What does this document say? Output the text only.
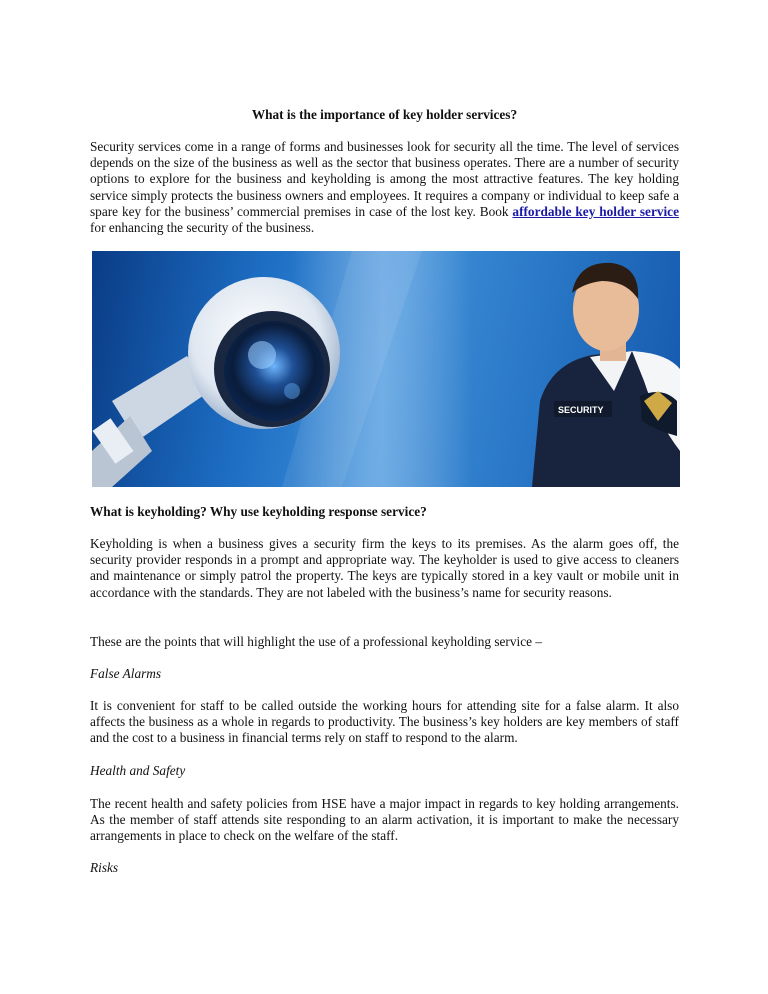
What is the importance of key holder services?

Security services come in a range of forms and businesses look for security all the time. The level of services depends on the size of the business as well as the sector that business operates. There are a number of security options to explore for the business and keyholding is among the most attractive features. The key holding service simply protects the business owners and employees. It requires a company or individual to keep safe a spare key for the business’ commercial premises in case of the lost key. Book affordable key holder service for enhancing the security of the business.

SECURITY
What is keyholding? Why use keyholding response service?

Keyholding is when a business gives a security firm the keys to its premises. As the alarm goes off, the security provider responds in a prompt and appropriate way. The keyholder is used to give access to cleaners and maintenance or simply patrol the property. The keys are typically stored in a key vault or mobile unit in accordance with the standards. They are not labeled with the business’s name for security reasons.

These are the points that will highlight the use of a professional keyholding service –

False Alarms

It is convenient for staff to be called outside the working hours for attending site for a false alarm. It also affects the business as a whole in regards to productivity. The business’s key holders are key members of staff and the cost to a business in financial terms rely on staff to respond to the alarm.

Health and Safety

The recent health and safety policies from HSE have a major impact in regards to key holding arrangements. As the member of staff attends site responding to an alarm activation, it is important to make the necessary arrangements in place to check on the welfare of the staff.

Risks
